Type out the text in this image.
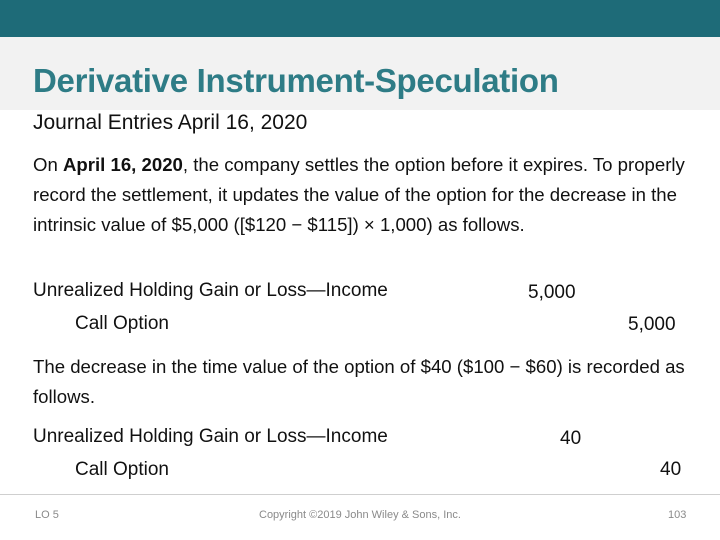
Derivative Instrument-Speculation
Journal Entries April 16, 2020
On April 16, 2020, the company settles the option before it expires. To properly record the settlement, it updates the value of the option for the decrease in the intrinsic value of $5,000 ([$120 − $115]) × 1,000) as follows.
Unrealized Holding Gain or Loss—Income
Call Option
5,000
5,000
The decrease in the time value of the option of $40 ($100 − $60) is recorded as follows.
Unrealized Holding Gain or Loss—Income
Call Option
40
40
LO 5	Copyright ©2019 John Wiley & Sons, Inc.	103
